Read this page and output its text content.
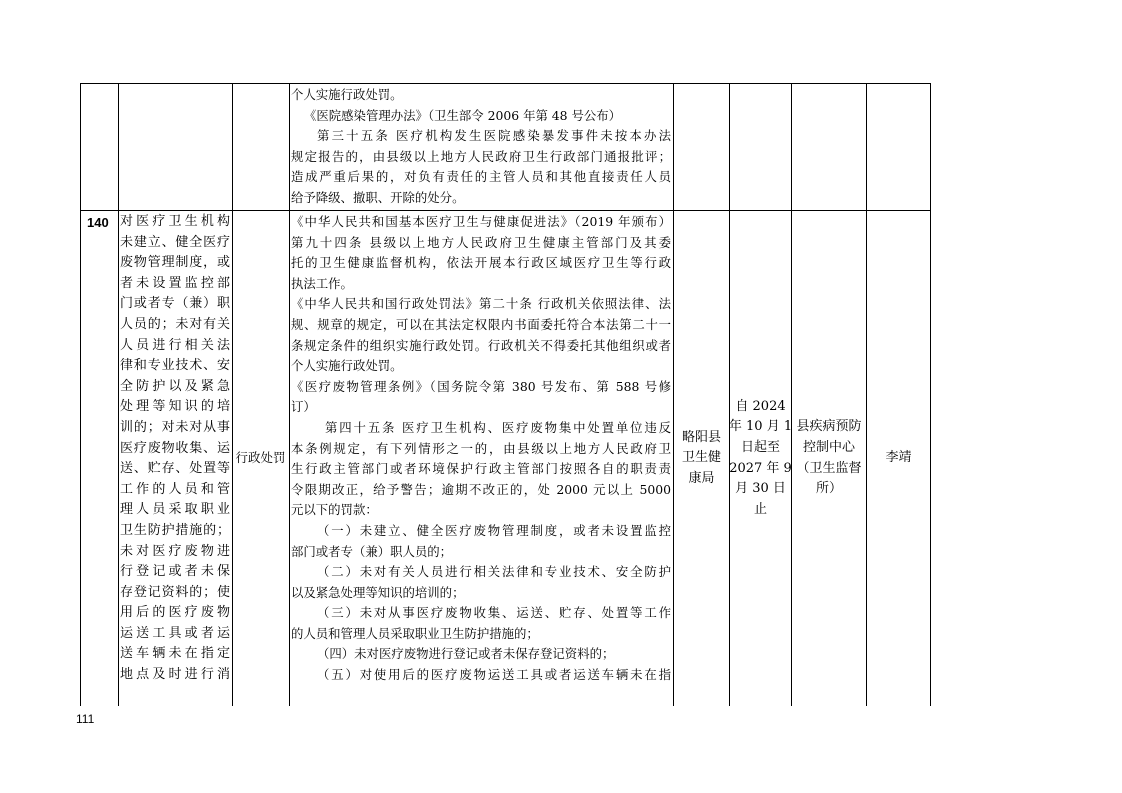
个人实施行政处罚。
《医院感染管理办法》（卫生部令 2006 年第 48 号公布）
第三十五条 医疗机构发生医院感染暴发事件未按本办法
规定报告的，由县级以上地方人民政府卫生行政部门通报批评；
造成严重后果的，对负有责任的主管人员和其他直接责任人员
给予降级、撤职、开除的处分。
140 对医疗卫生机构
未建立、健全医疗
废物管理制度，或
者未设置监控部
门或者专（兼）职
人员的；未对有关
人员进行相关法
律和专业技术、安
全防护以及紧急
处理等知识的培
训的；对未对从事
医疗废物收集、运
送、贮存、处置等
工作的人员和管
理人员采取职业
卫生防护措施的；
未对医疗废物进
行登记或者未保
存登记资料的；使
用后的医疗废物
运送工具或者运
送车辆未在指定
地点及时进行消
行政处罚
《中华人民共和国基本医疗卫生与健康促进法》（2019 年颁布）
第九十四条 县级以上地方人民政府卫生健康主管部门及其委
托的卫生健康监督机构，依法开展本行政区域医疗卫生等行政
执法工作。
《中华人民共和国行政处罚法》第二十条 行政机关依照法律、法
规、规章的规定，可以在其法定权限内书面委托符合本法第二十一
条规定条件的组织实施行政处罚。行政机关不得委托其他组织或者
个人实施行政处罚。
《医疗废物管理条例》（国务院令第 380 号发布、第 588 号修
订）
第四十五条 医疗卫生机构、医疗废物集中处置单位违反
本条例规定，有下列情形之一的，由县级以上地方人民政府卫
生行政主管部门或者环境保护行政主管部门按照各自的职责责
令限期改正，给予警告；逾期不改正的，处 2000 元以上 5000
元以下的罚款：
（一）未建立、健全医疗废物管理制度，或者未设置监控
部门或者专（兼）职人员的；
（二）未对有关人员进行相关法律和专业技术、安全防护
以及紧急处理等知识的培训的；
（三）未对从事医疗废物收集、运送、贮存、处置等工作
的人员和管理人员采取职业卫生防护措施的；
（四）未对医疗废物进行登记或者未保存登记资料的；
（五）对使用后的医疗废物运送工具或者运送车辆未在指
略阳县
卫生健
康局
自 2024
年 10 月 1
日起至
2027 年 9
月 30 日
止
县疾病预防
控制中心
（卫生监督
所）
李靖
111
